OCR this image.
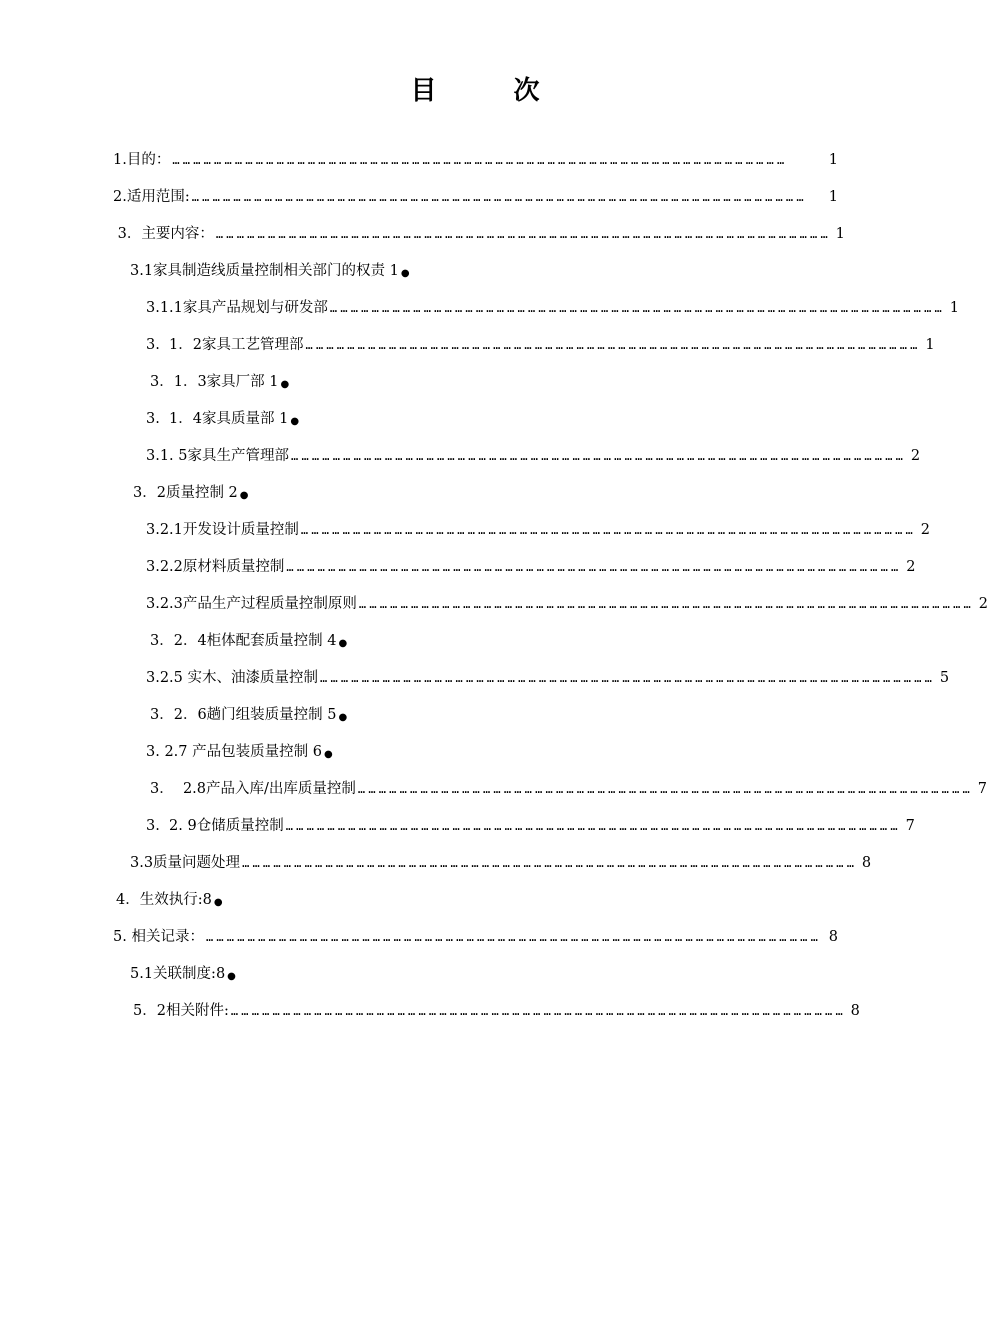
目 次
1.目的： ……………………………………………………………………………………………………………………………………………………………	1
2.适用范围: ……………………………………………………………………………………………………………………………………………………………	1
3．主要内容： …………………………………………………………………………………………………………………………………………………………… 1
3.1家具制造线质量控制相关部门的权责 1 ●
3.1.1家具产品规划与研发部 …………………………………………………………………………………………………………………………………………………………… 1
3.  1．2家具工艺管理部 …………………………………………………………………………………………………………………………………………………………… 1
3．1．3家具厂部 1 ●
3.  1．4家具质量部 1 ●
3.1. 5家具生产管理部 …………………………………………………………………………………………………………………………………………………………… 2
3．2质量控制 2 ●
3.2.1开发设计质量控制 …………………………………………………………………………………………………………………………………………………………… 2
3.2.2原材料质量控制 …………………………………………………………………………………………………………………………………………………………… 2
3.2.3产品生产过程质量控制原则 …………………………………………………………………………………………………………………………………………………………… 2
3．2．4柜体配套质量控制 4 ●
3.2.5 实木、油漆质量控制 …………………………………………………………………………………………………………………………………………………………… 5
3．2．6趟门组装质量控制 5 ●
3. 2.7 产品包装质量控制 6 ●
3．  2.8产品入库/出库质量控制 …………………………………………………………………………………………………………………………………………………………… 7
3.  2. 9仓储质量控制 …………………………………………………………………………………………………………………………………………………………… 7
3.3质量问题处理 …………………………………………………………………………………………………………………………………………………………… 8
4．生效执行:8 ●
5. 相关记录： …………………………………………………………………………………………………………………………………………………………… 8
5.1关联制度:8 ●
5．2相关附件: …………………………………………………………………………………………………………………………………………………………… 8
